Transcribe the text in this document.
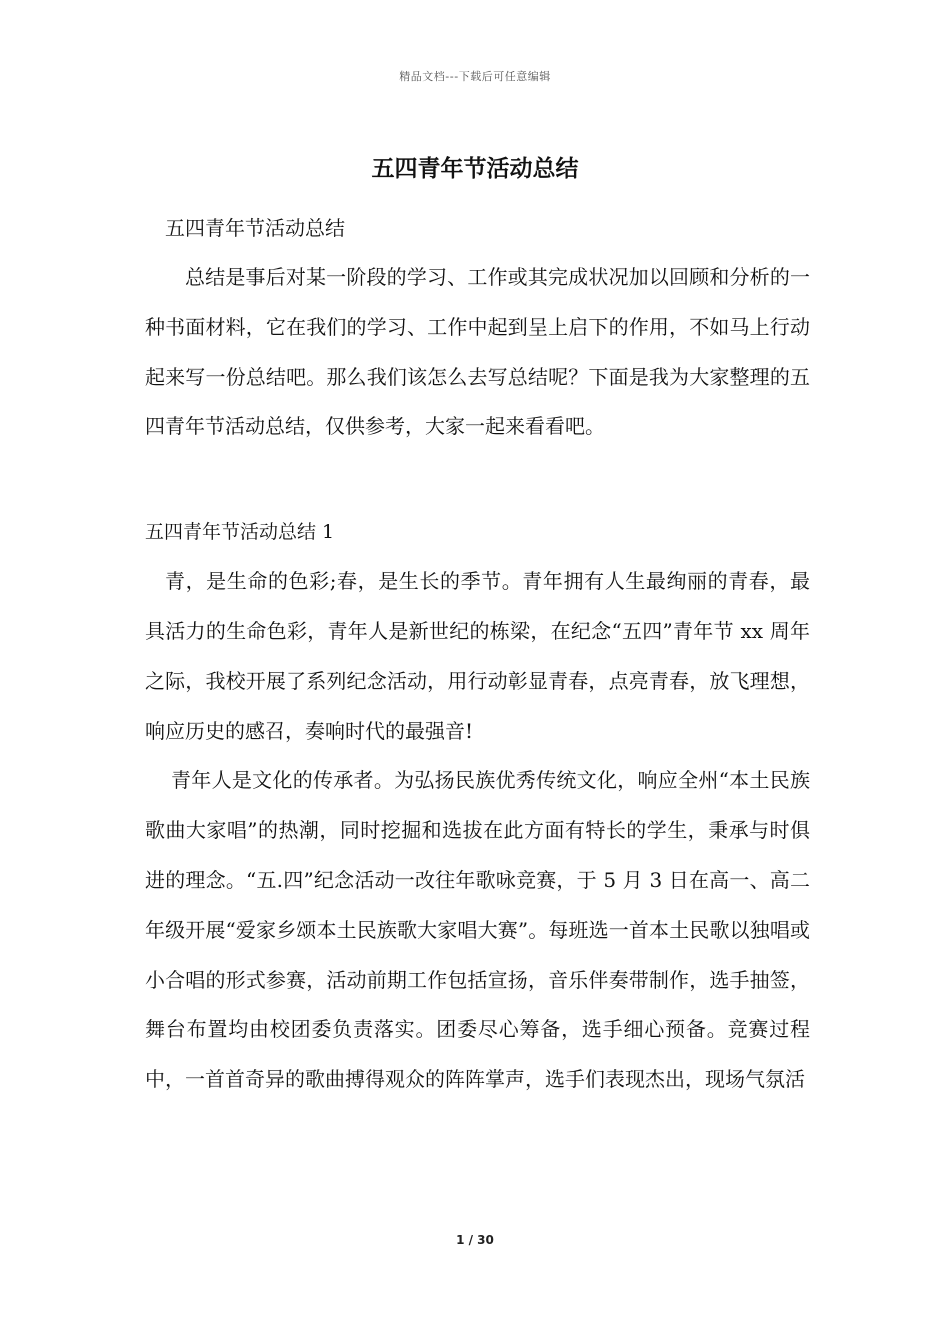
精品文档---下载后可任意编辑
五四青年节活动总结

五四青年节活动总结

总结是事后对某一阶段的学习、工作或其完成状况加以回顾和分析的一种书面材料，它在我们的学习、工作中起到呈上启下的作用，不如马上行动起来写一份总结吧。那么我们该怎么去写总结呢？下面是我为大家整理的五四青年节活动总结，仅供参考，大家一起来看看吧。

五四青年节活动总结 1

青，是生命的色彩;春，是生长的季节。青年拥有人生最绚丽的青春，最具活力的生命色彩，青年人是新世纪的栋梁，在纪念“五四”青年节 xx 周年之际，我校开展了系列纪念活动，用行动彰显青春，点亮青春，放飞理想，响应历史的感召，奏响时代的最强音!

青年人是文化的传承者。为弘扬民族优秀传统文化，响应全州“本土民族歌曲大家唱”的热潮，同时挖掘和选拔在此方面有特长的学生，秉承与时俱进的理念。“五.四”纪念活动一改往年歌咏竞赛，于 5 月 3 日在高一、高二年级开展“爱家乡颂本土民族歌大家唱大赛”。每班选一首本土民歌以独唱或小合唱的形式参赛，活动前期工作包括宣扬，音乐伴奏带制作，选手抽签，舞台布置均由校团委负责落实。团委尽心筹备，选手细心预备。竞赛过程中，一首首奇异的歌曲搏得观众的阵阵掌声，选手们表现杰出，现场气氛活

1 / 30
